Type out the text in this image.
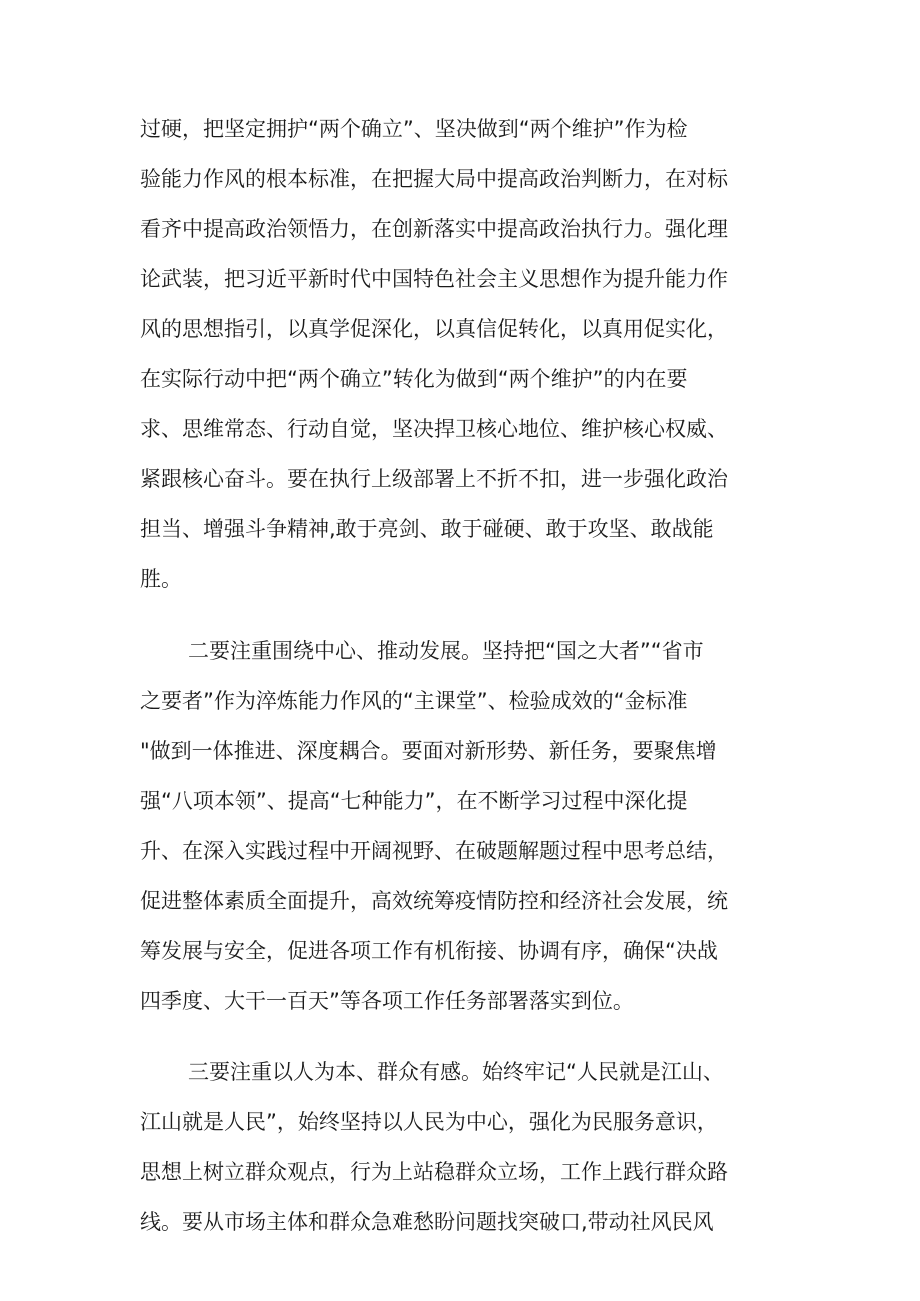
过硬，把坚定拥护“两个确立”、坚决做到“两个维护”作为检
验能力作风的根本标准，在把握大局中提高政治判断力，在对标
看齐中提高政治领悟力，在创新落实中提高政治执行力。强化理
论武装，把习近平新时代中国特色社会主义思想作为提升能力作
风的思想指引，以真学促深化，以真信促转化，以真用促实化，
在实际行动中把“两个确立”转化为做到“两个维护”的内在要
求、思维常态、行动自觉，坚决捍卫核心地位、维护核心权威、
紧跟核心奋斗。要在执行上级部署上不折不扣，进一步强化政治
担当、增强斗争精神,敢于亮剑、敢于碰硬、敢于攻坚、敢战能
胜。
二要注重围绕中心、推动发展。坚持把“国之大者”“省市
之要者”作为淬炼能力作风的“主课堂”、检验成效的“金标准
"做到一体推进、深度耦合。要面对新形势、新任务，要聚焦增
强“八项本领”、提高“七种能力”，在不断学习过程中深化提
升、在深入实践过程中开阔视野、在破题解题过程中思考总结，
促进整体素质全面提升，高效统筹疫情防控和经济社会发展，统
筹发展与安全，促进各项工作有机衔接、协调有序，确保“决战
四季度、大干一百天”等各项工作任务部署落实到位。
三要注重以人为本、群众有感。始终牢记“人民就是江山、
江山就是人民”，始终坚持以人民为中心，强化为民服务意识，
思想上树立群众观点，行为上站稳群众立场，工作上践行群众路
线。要从市场主体和群众急难愁盼问题找突破口,带动社风民风
